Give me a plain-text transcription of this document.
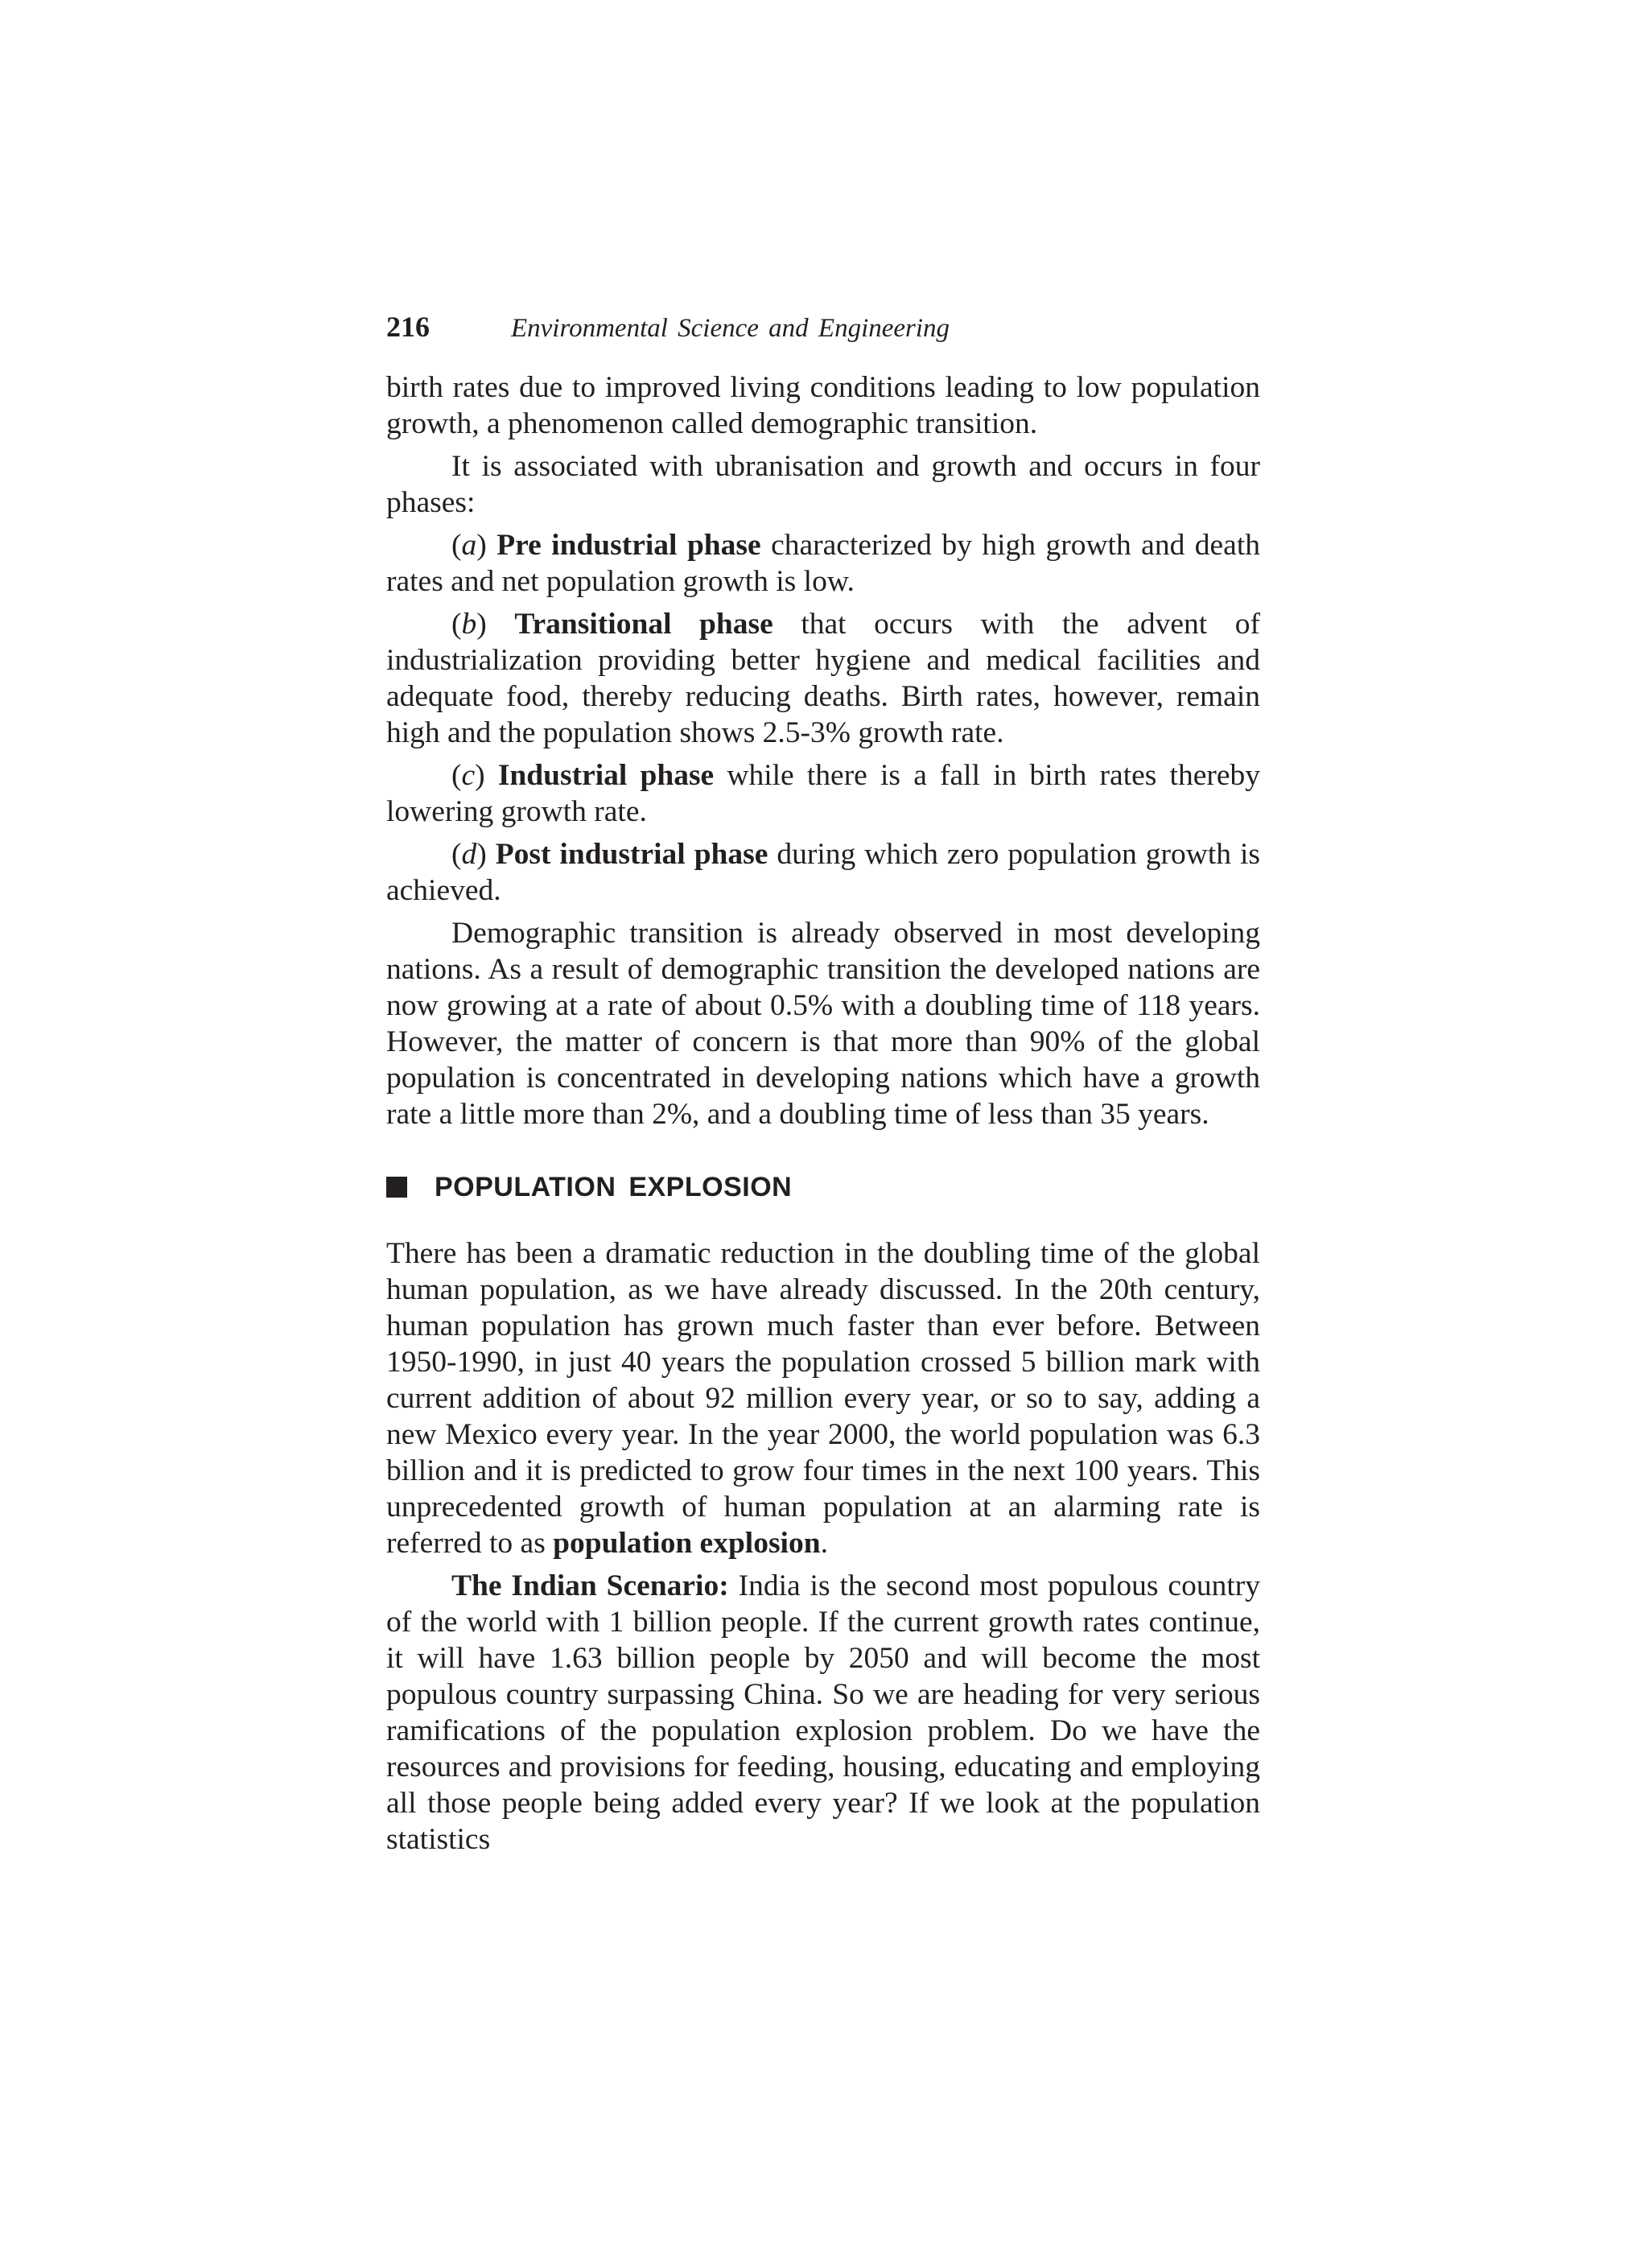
216	Environmental Science and Engineering

birth rates due to improved living conditions leading to low population growth, a phenomenon called demographic transition.

It is associated with ubranisation and growth and occurs in four phases:

(a) Pre industrial phase characterized by high growth and death rates and net population growth is low.

(b) Transitional phase that occurs with the advent of industrialization providing better hygiene and medical facilities and adequate food, thereby reducing deaths. Birth rates, however, remain high and the population shows 2.5-3% growth rate.

(c) Industrial phase while there is a fall in birth rates thereby lowering growth rate.

(d) Post industrial phase during which zero population growth is achieved.

Demographic transition is already observed in most developing nations. As a result of demographic transition the developed nations are now growing at a rate of about 0.5% with a doubling time of 118 years. However, the matter of concern is that more than 90% of the global population is concentrated in developing nations which have a growth rate a little more than 2%, and a doubling time of less than 35 years.

POPULATION EXPLOSION

There has been a dramatic reduction in the doubling time of the global human population, as we have already discussed. In the 20th century, human population has grown much faster than ever before. Between 1950-1990, in just 40 years the population crossed 5 billion mark with current addition of about 92 million every year, or so to say, adding a new Mexico every year. In the year 2000, the world population was 6.3 billion and it is predicted to grow four times in the next 100 years. This unprecedented growth of human population at an alarming rate is referred to as population explosion.

The Indian Scenario: India is the second most populous country of the world with 1 billion people. If the current growth rates continue, it will have 1.63 billion people by 2050 and will become the most populous country surpassing China. So we are heading for very serious ramifications of the population explosion problem. Do we have the resources and provisions for feeding, housing, educating and employing all those people being added every year? If we look at the population statistics
